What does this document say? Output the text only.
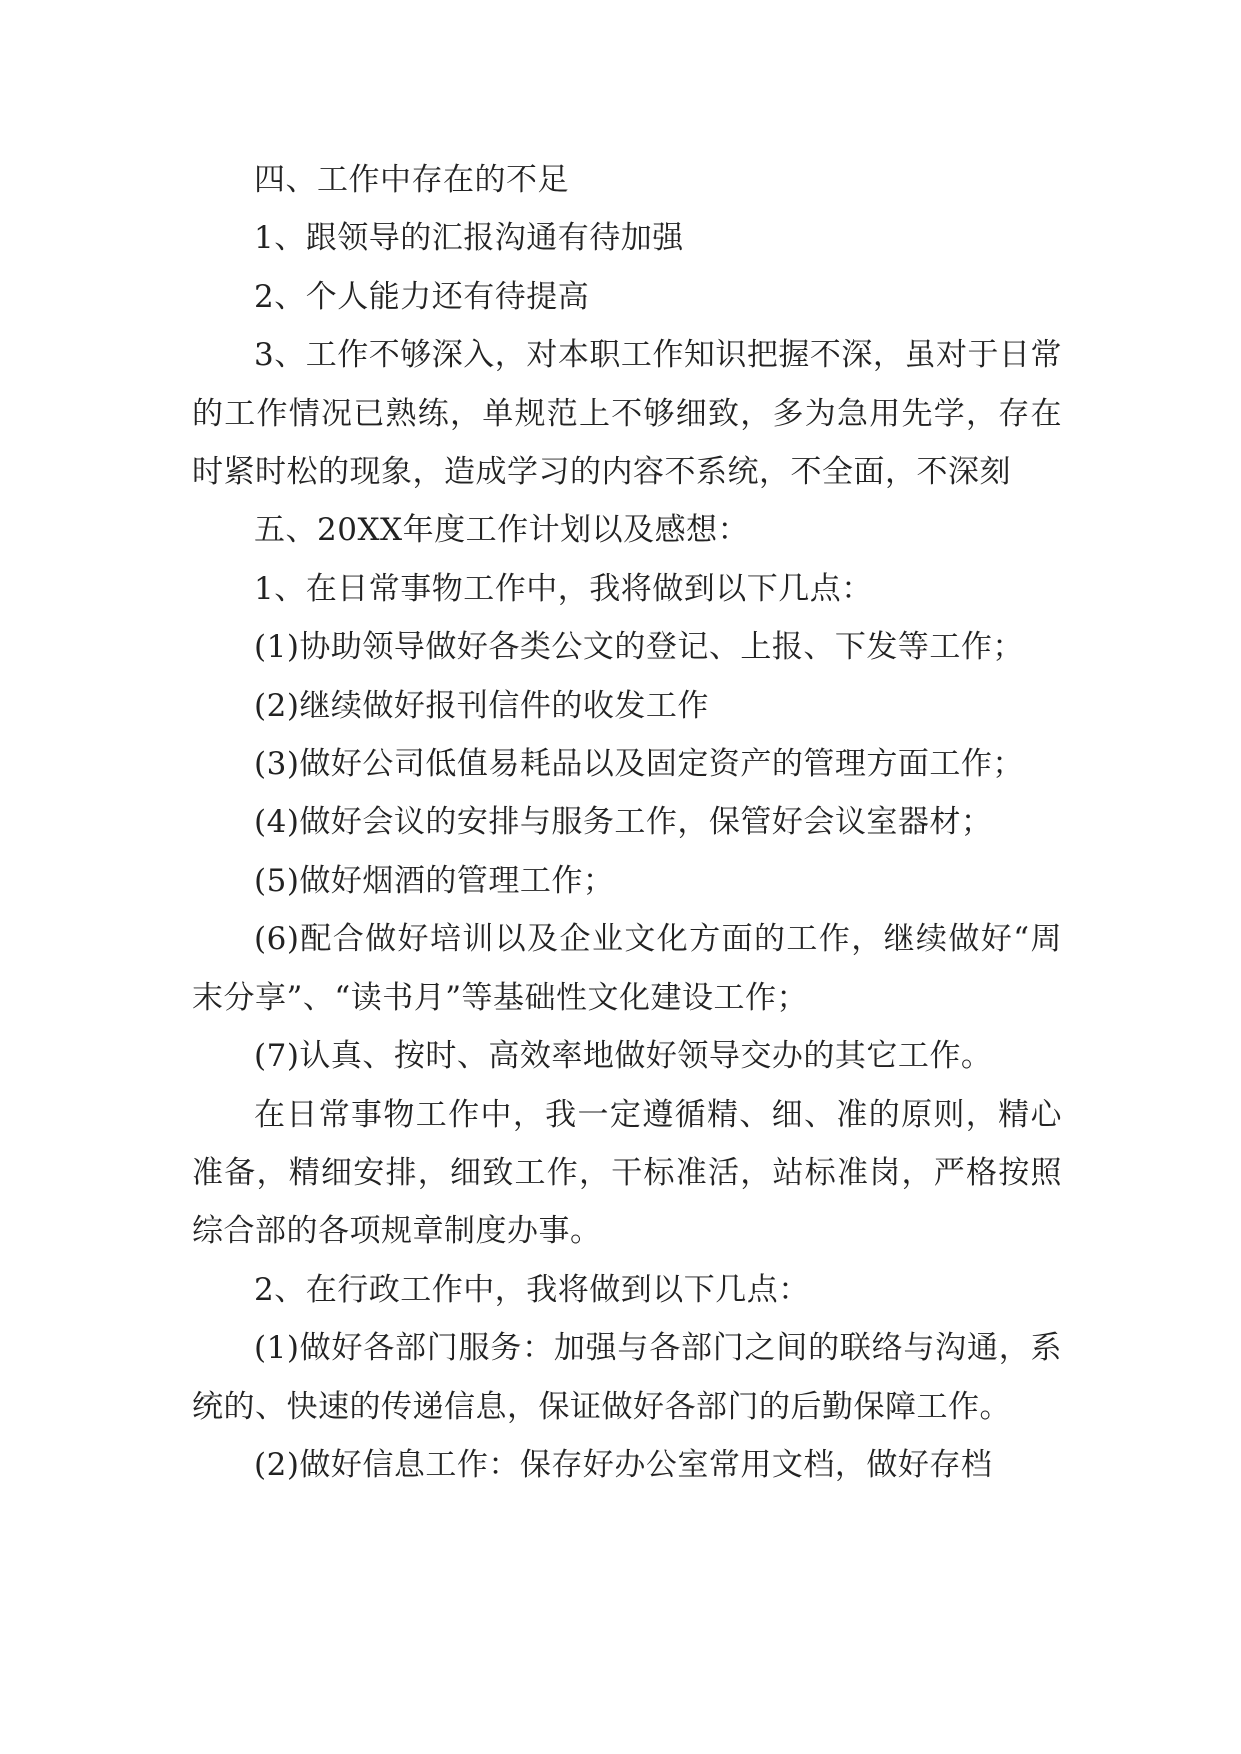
四、工作中存在的不足

1、跟领导的汇报沟通有待加强

2、个人能力还有待提高

3、工作不够深入，对本职工作知识把握不深，虽对于日常的工作情况已熟练，单规范上不够细致，多为急用先学，存在时紧时松的现象，造成学习的内容不系统，不全面，不深刻

五、20XX年度工作计划以及感想：

1、在日常事物工作中，我将做到以下几点：

(1)协助领导做好各类公文的登记、上报、下发等工作；

(2)继续做好报刊信件的收发工作

(3)做好公司低值易耗品以及固定资产的管理方面工作；

(4)做好会议的安排与服务工作，保管好会议室器材；

(5)做好烟酒的管理工作；

(6)配合做好培训以及企业文化方面的工作，继续做好“周末分享”、“读书月”等基础性文化建设工作；

(7)认真、按时、高效率地做好领导交办的其它工作。

在日常事物工作中，我一定遵循精、细、准的原则，精心准备，精细安排，细致工作，干标准活，站标准岗，严格按照综合部的各项规章制度办事。

2、在行政工作中，我将做到以下几点：

(1)做好各部门服务：加强与各部门之间的联络与沟通，系统的、快速的传递信息，保证做好各部门的后勤保障工作。

(2)做好信息工作：保存好办公室常用文档，做好存档
